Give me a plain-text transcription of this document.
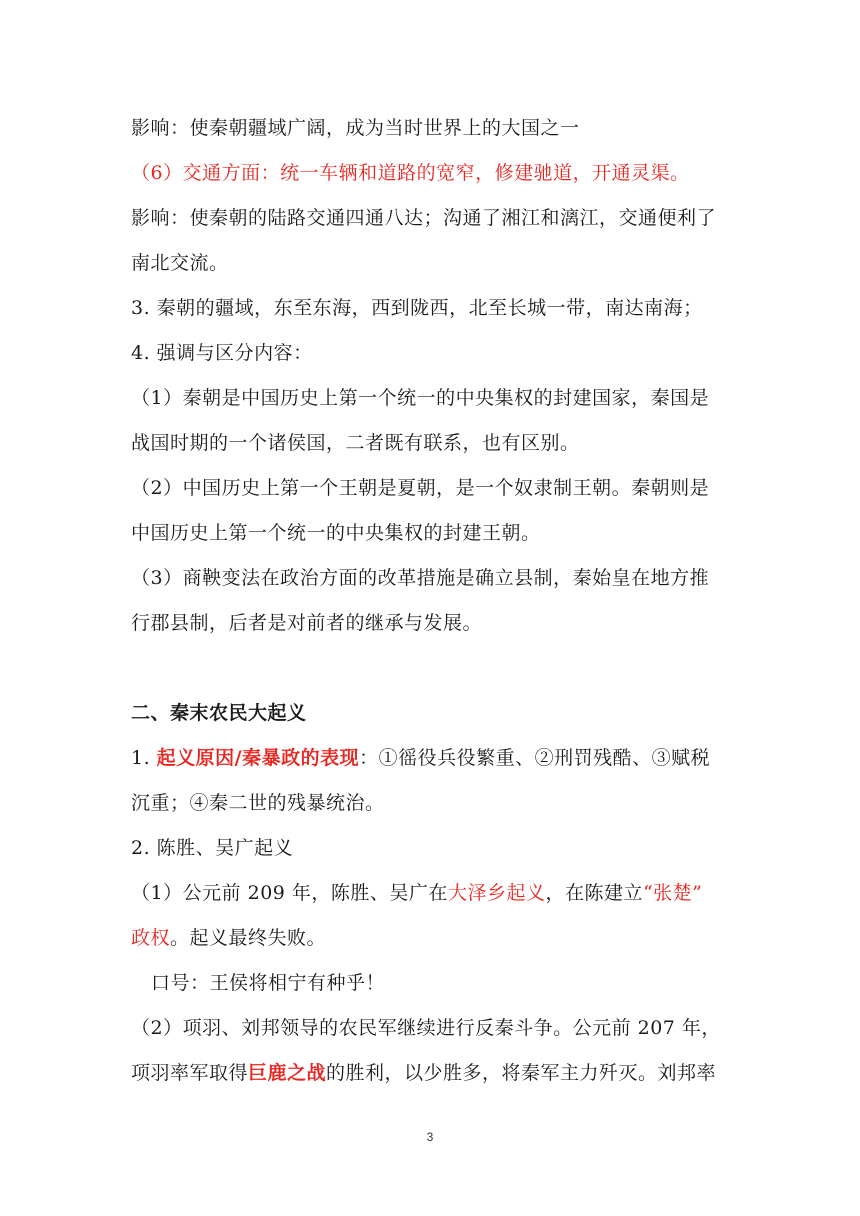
影响：使秦朝疆域广阔，成为当时世界上的大国之一
（6）交通方面：统一车辆和道路的宽窄，修建驰道，开通灵渠。
影响：使秦朝的陆路交通四通八达；沟通了湘江和漓江，交通便利了
南北交流。
3. 秦朝的疆域，东至东海，西到陇西，北至长城一带，南达南海；
4. 强调与区分内容：
（1）秦朝是中国历史上第一个统一的中央集权的封建国家，秦国是
战国时期的一个诸侯国，二者既有联系，也有区别。
（2）中国历史上第一个王朝是夏朝，是一个奴隶制王朝。秦朝则是
中国历史上第一个统一的中央集权的封建王朝。
（3）商鞅变法在政治方面的改革措施是确立县制，秦始皇在地方推
行郡县制，后者是对前者的继承与发展。
二、秦末农民大起义
1. 起义原因/秦暴政的表现：①徭役兵役繁重、②刑罚残酷、③赋税
沉重；④秦二世的残暴统治。
2. 陈胜、吴广起义
（1）公元前 209 年，陈胜、吴广在大泽乡起义，在陈建立“张楚”
政权。起义最终失败。
口号：王侯将相宁有种乎！
（2）项羽、刘邦领导的农民军继续进行反秦斗争。公元前 207 年，
项羽率军取得巨鹿之战的胜利，以少胜多，将秦军主力歼灭。刘邦率
3
